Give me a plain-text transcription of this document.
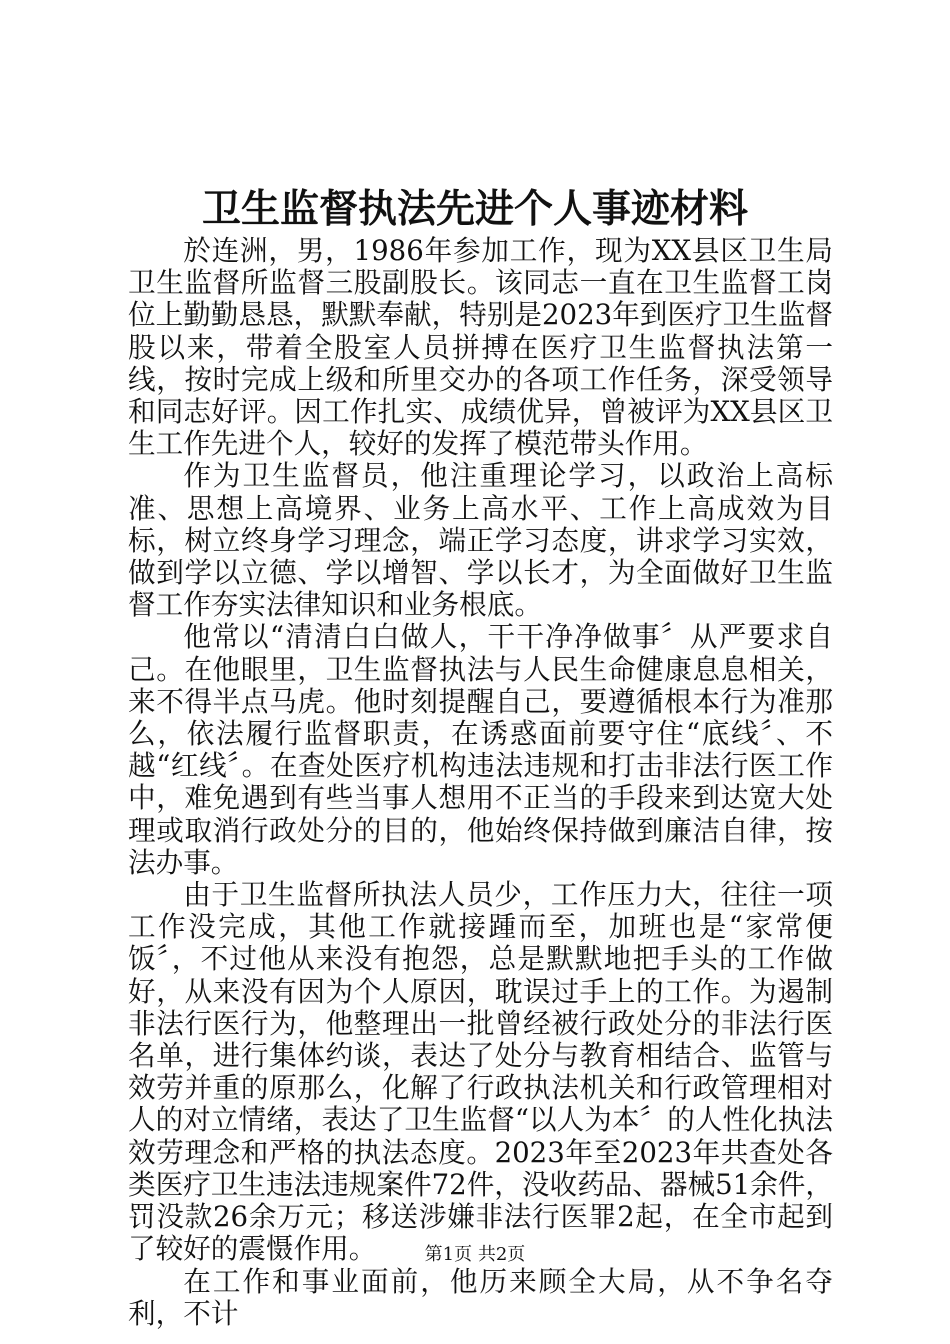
卫生监督执法先进个人事迹材料

於连洲，男，1986年参加工作，现为XX县区卫生局卫生监督所监督三股副股长。该同志一直在卫生监督工岗位上勤勤恳恳，默默奉献，特别是2023年到医疗卫生监督股以来，带着全股室人员拼搏在医疗卫生监督执法第一线，按时完成上级和所里交办的各项工作任务，深受领导和同志好评。因工作扎实、成绩优异，曾被评为XX县区卫生工作先进个人，较好的发挥了模范带头作用。

作为卫生监督员，他注重理论学习，以政治上高标准、思想上高境界、业务上高水平、工作上高成效为目标，树立终身学习理念，端正学习态度，讲求学习实效，做到学以立德、学以增智、学以长才，为全面做好卫生监督工作夯实法律知识和业务根底。

他常以“清清白白做人，干干净净做事〞从严要求自己。在他眼里，卫生监督执法与人民生命健康息息相关，来不得半点马虎。他时刻提醒自己，要遵循根本行为准那么，依法履行监督职责，在诱惑面前要守住“底线〞、不越“红线〞。在查处医疗机构违法违规和打击非法行医工作中，难免遇到有些当事人想用不正当的手段来到达宽大处理或取消行政处分的目的，他始终保持做到廉洁自律，按法办事。

由于卫生监督所执法人员少，工作压力大，往往一项工作没完成，其他工作就接踵而至，加班也是“家常便饭〞，不过他从来没有抱怨，总是默默地把手头的工作做好，从来没有因为个人原因，耽误过手上的工作。为遏制非法行医行为，他整理出一批曾经被行政处分的非法行医名单，进行集体约谈，表达了处分与教育相结合、监管与效劳并重的原那么，化解了行政执法机关和行政管理相对人的对立情绪，表达了卫生监督“以人为本〞的人性化执法效劳理念和严格的执法态度。2023年至2023年共查处各类医疗卫生违法违规案件72件，没收药品、器械51余件，罚没款26余万元；移送涉嫌非法行医罪2起，在全市起到了较好的震慑作用。

在工作和事业面前，他历来顾全大局，从不争名夺利，不计

第1页 共2页
